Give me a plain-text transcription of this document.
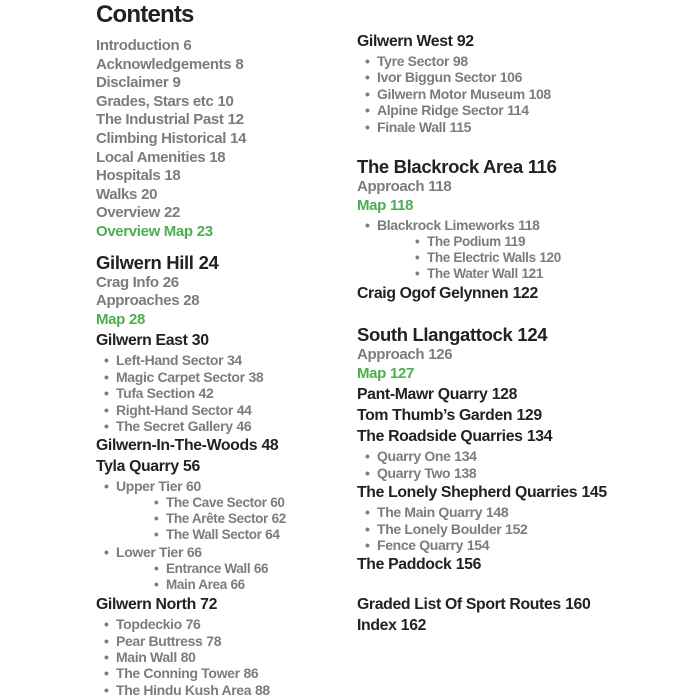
Contents
Introduction 6
Acknowledgements 8
Disclaimer 9
Grades, Stars etc 10
The Industrial Past 12
Climbing Historical 14
Local Amenities 18
Hospitals 18
Walks 20
Overview 22
Overview Map 23
Gilwern Hill 24
Crag Info 26
Approaches 28
Map 28
Gilwern East 30
• Left-Hand Sector 34
• Magic Carpet Sector 38
• Tufa Section 42
• Right-Hand Sector 44
• The Secret Gallery 46
Gilwern-In-The-Woods 48
Tyla Quarry 56
• Upper Tier 60
• The Cave Sector 60
• The Arête Sector 62
• The Wall Sector 64
• Lower Tier 66
• Entrance Wall 66
• Main Area 66
Gilwern North 72
• Topdeckio 76
• Pear Buttress 78
• Main Wall 80
• The Conning Tower 86
• The Hindu Kush Area 88
Gilwern West 92
• Tyre Sector 98
• Ivor Biggun Sector 106
• Gilwern Motor Museum 108
• Alpine Ridge Sector 114
• Finale Wall 115
The Blackrock Area 116
Approach 118
Map 118
• Blackrock Limeworks 118
• The Podium 119
• The Electric Walls 120
• The Water Wall 121
Craig Ogof Gelynnen 122
South Llangattock 124
Approach 126
Map 127
Pant-Mawr Quarry 128
Tom Thumb’s Garden 129
The Roadside Quarries 134
• Quarry One 134
• Quarry Two 138
The Lonely Shepherd Quarries 145
• The Main Quarry 148
• The Lonely Boulder 152
• Fence Quarry 154
The Paddock 156
Graded List Of Sport Routes 160
Index 162
